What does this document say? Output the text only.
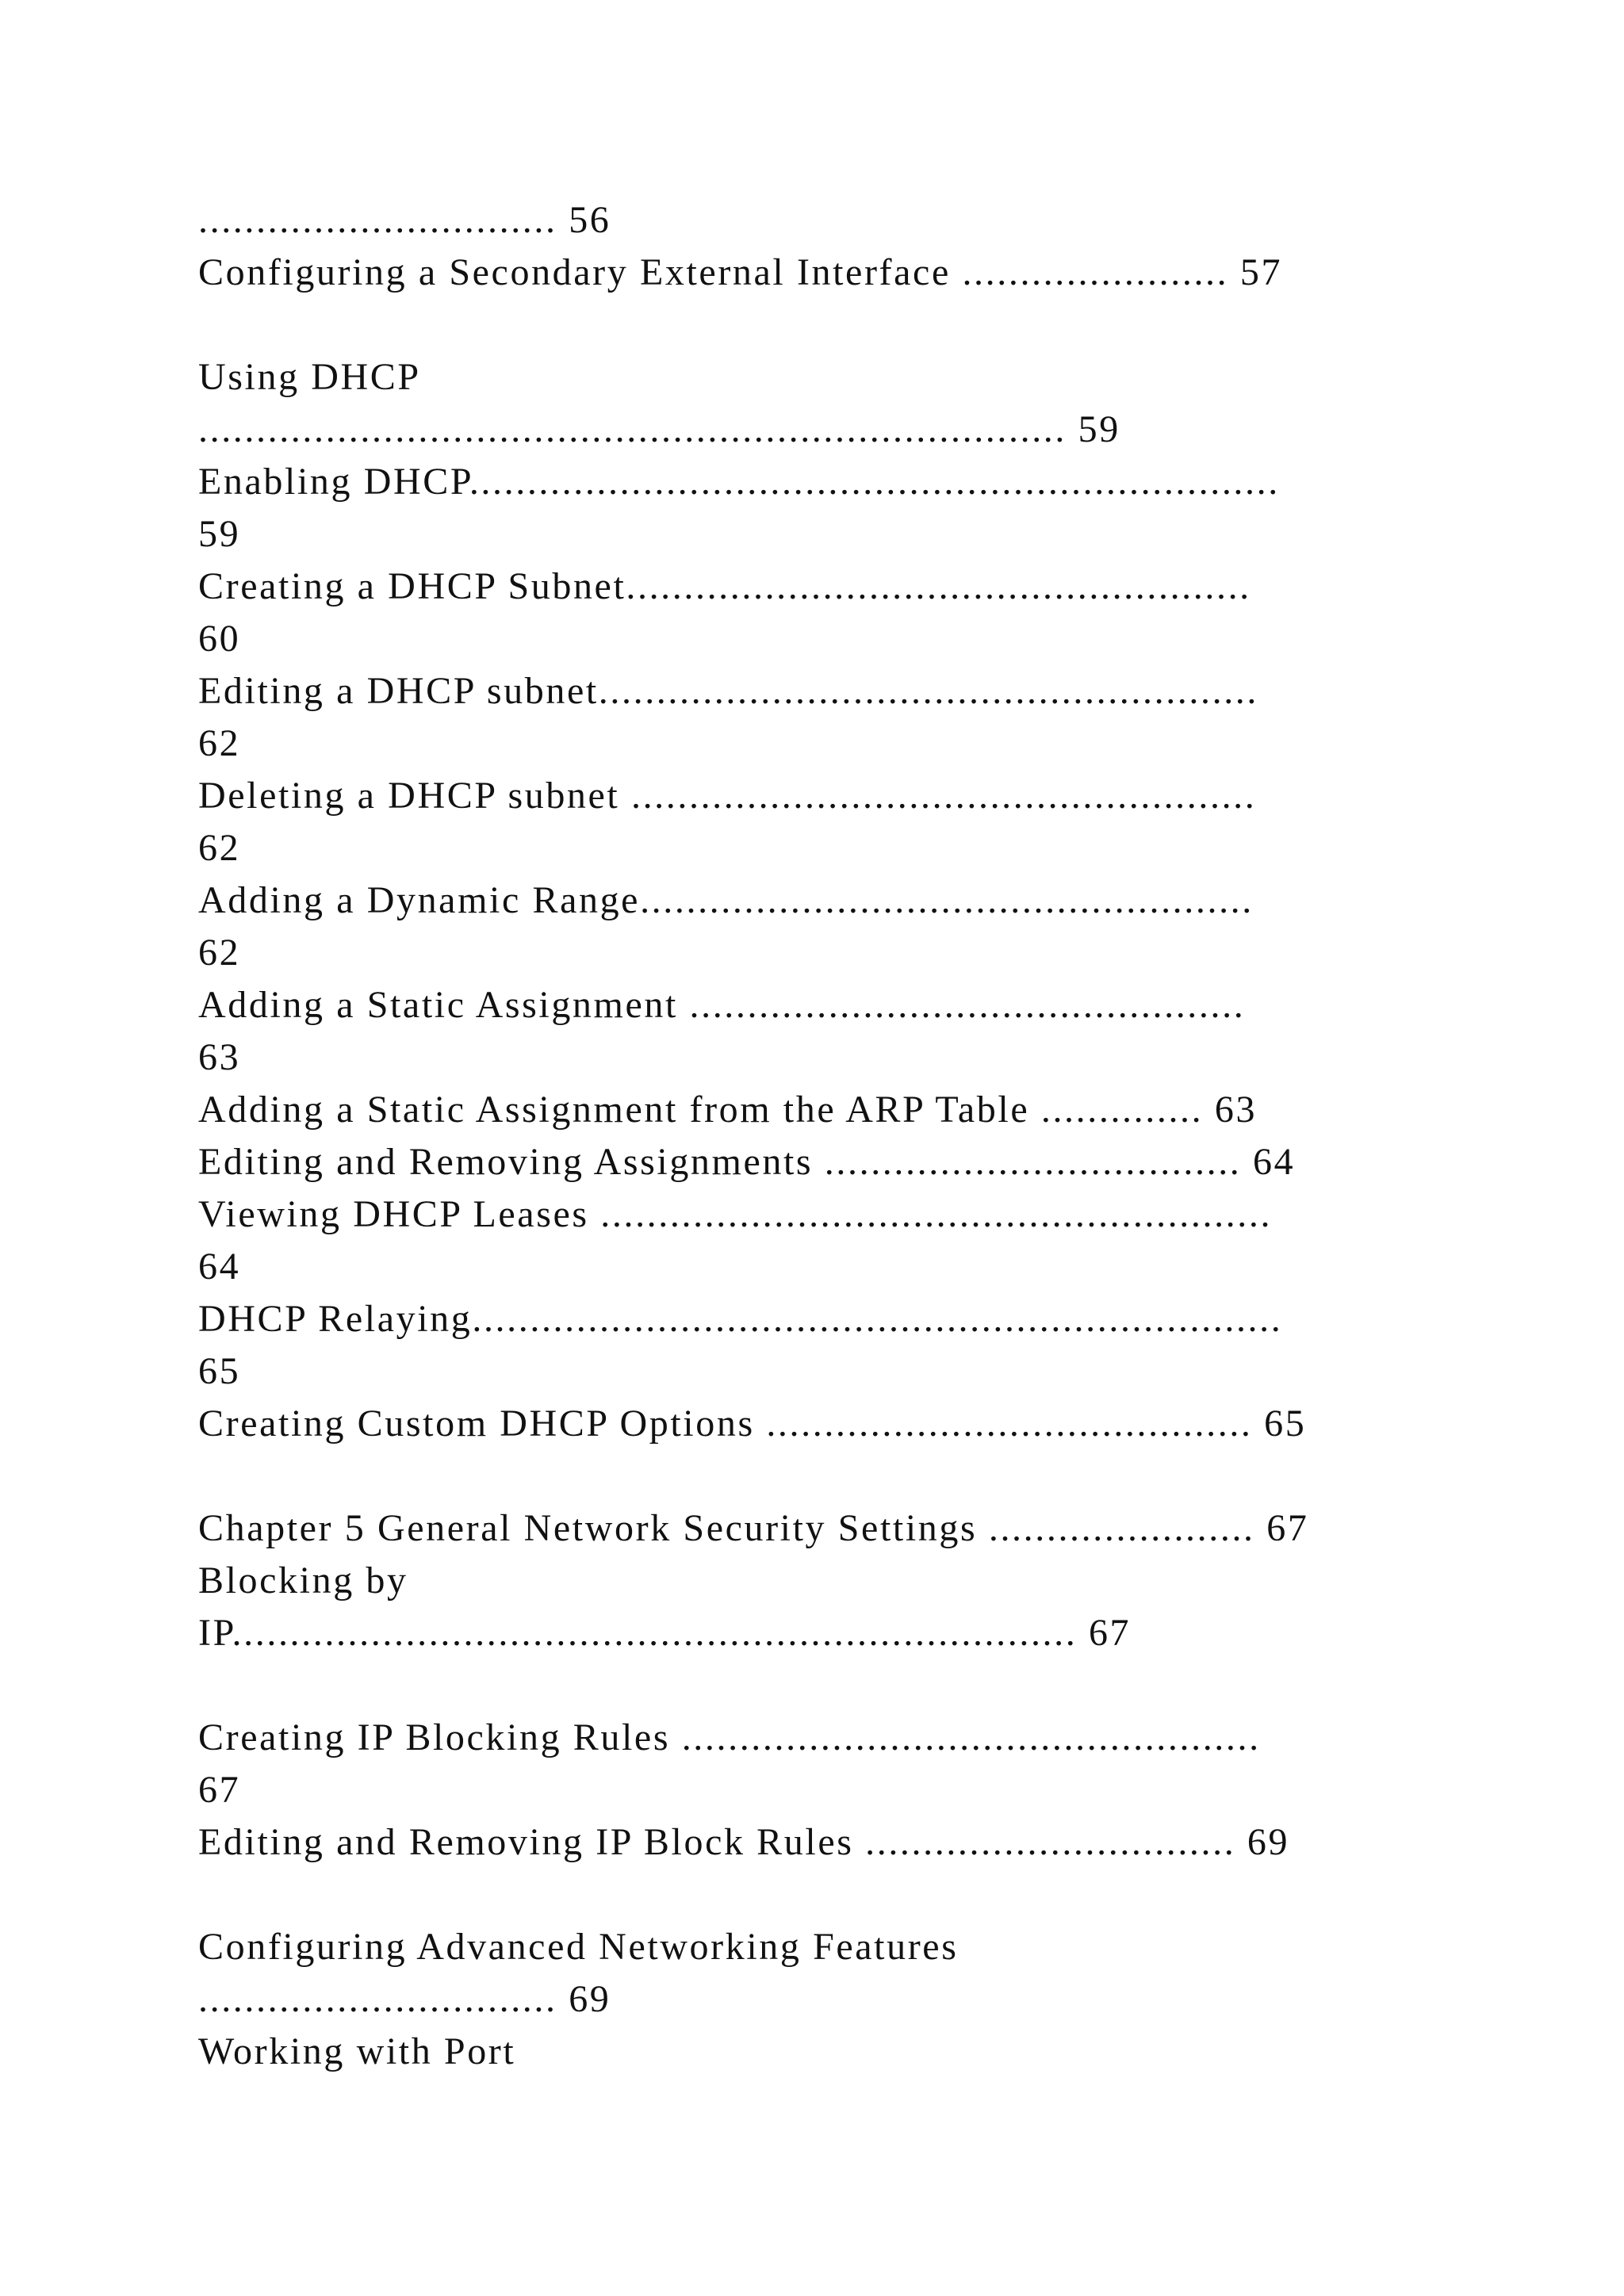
............................... 56
Configuring a Secondary External Interface ....................... 57
Using DHCP
........................................................................... 59
Enabling DHCP......................................................................
59
Creating a DHCP Subnet......................................................
60
Editing a DHCP subnet.........................................................
62
Deleting a DHCP subnet ......................................................
62
Adding a Dynamic Range.....................................................
62
Adding a Static Assignment ................................................
63
Adding a Static Assignment from the ARP Table .............. 63
Editing and Removing Assignments .................................... 64
Viewing DHCP Leases ..........................................................
64
DHCP Relaying......................................................................
65
Creating Custom DHCP Options .......................................... 65
Chapter 5 General Network Security Settings ....................... 67
Blocking by
IP......................................................................... 67
Creating IP Blocking Rules ..................................................
67
Editing and Removing IP Block Rules ................................ 69
Configuring Advanced Networking Features
............................... 69
Working with Port
